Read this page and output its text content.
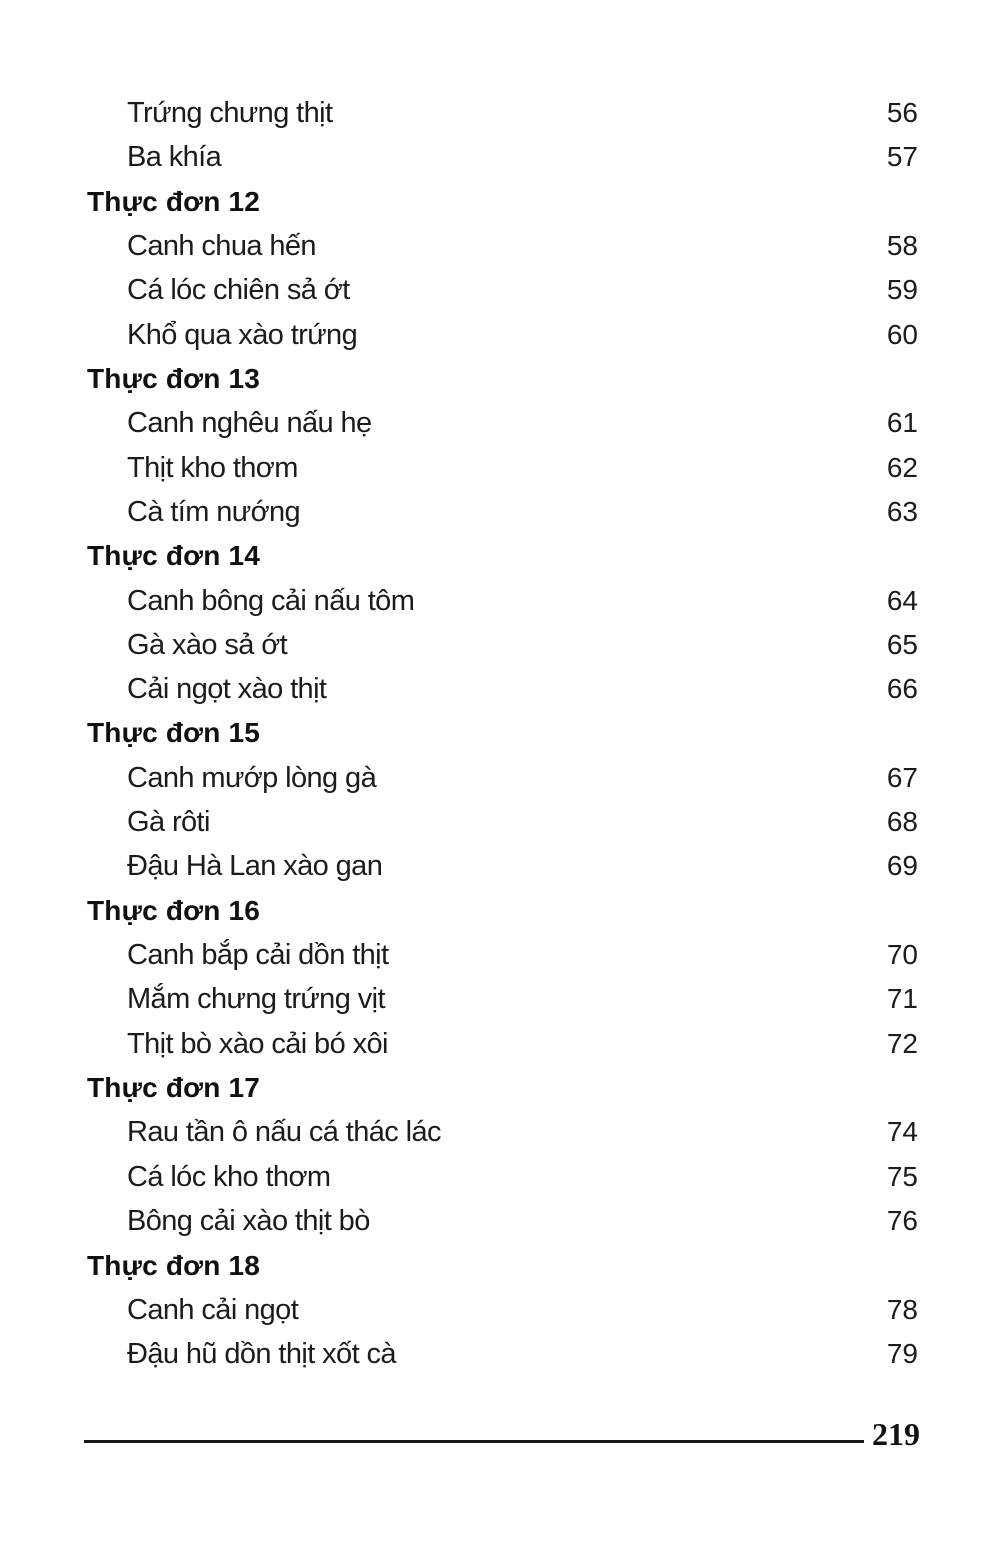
Trứng chưng thịt	56
Ba khía	57
Thực đơn 12
Canh chua hến	58
Cá lóc chiên sả ớt	59
Khổ qua xào trứng	60
Thực đơn 13
Canh nghêu nấu hẹ	61
Thịt kho thơm	62
Cà tím nướng	63
Thực đơn 14
Canh bông cải nấu tôm	64
Gà xào sả ớt	65
Cải ngọt xào thịt	66
Thực đơn 15
Canh mướp lòng gà	67
Gà rôti	68
Đậu Hà Lan xào gan	69
Thực đơn 16
Canh bắp cải dồn thịt	70
Mắm chưng trứng vịt	71
Thịt bò xào cải bó xôi	72
Thực đơn 17
Rau tần ô nấu cá thác lác	74
Cá lóc kho thơm	75
Bông cải xào thịt bò	76
Thực đơn 18
Canh cải ngọt	78
Đậu hũ dồn thịt xốt cà	79
219
